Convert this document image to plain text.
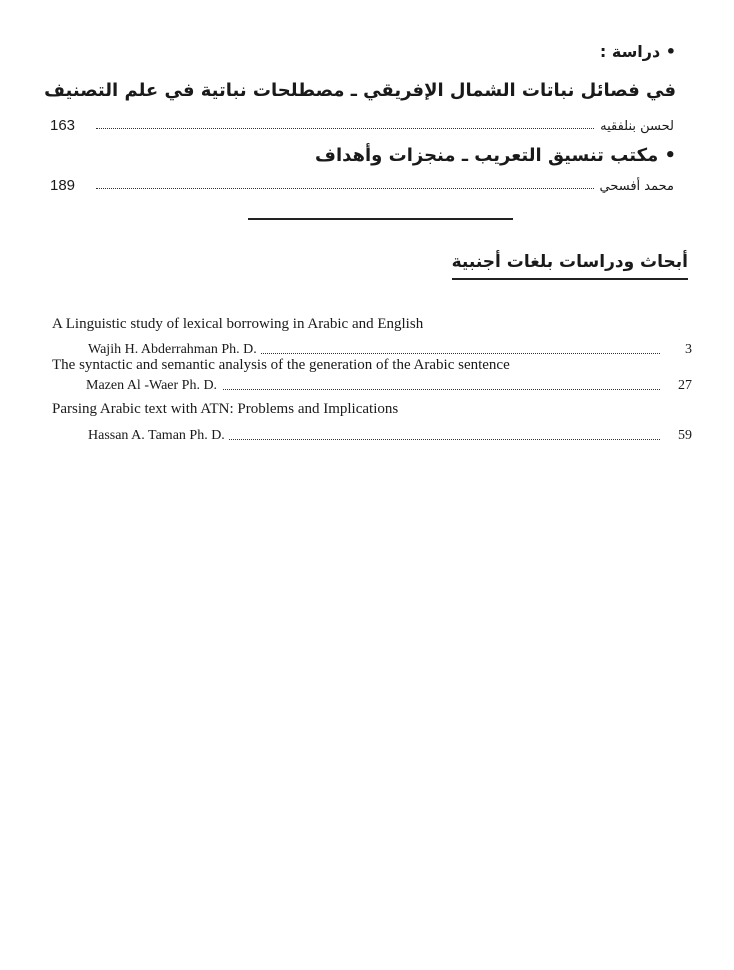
• دراسة :
في فصائل نباتات الشمال الإفريقي ـ مصطلحات نباتية في علم التصنيف
163	لحسن بنلفقيه
• مكتب تنسيق التعريب ـ منجزات وأهداف
189	محمد أفسحي
أبحاث ودراسات بلغات أجنبية
A Linguistic study of lexical borrowing in Arabic and English
Wajih H. Abderrahman Ph. D.	3
The syntactic and semantic analysis of the generation of the Arabic sentence
Mazen Al -Waer Ph. D.	27
Parsing Arabic text with ATN: Problems and Implications
Hassan A. Taman Ph. D.	59
